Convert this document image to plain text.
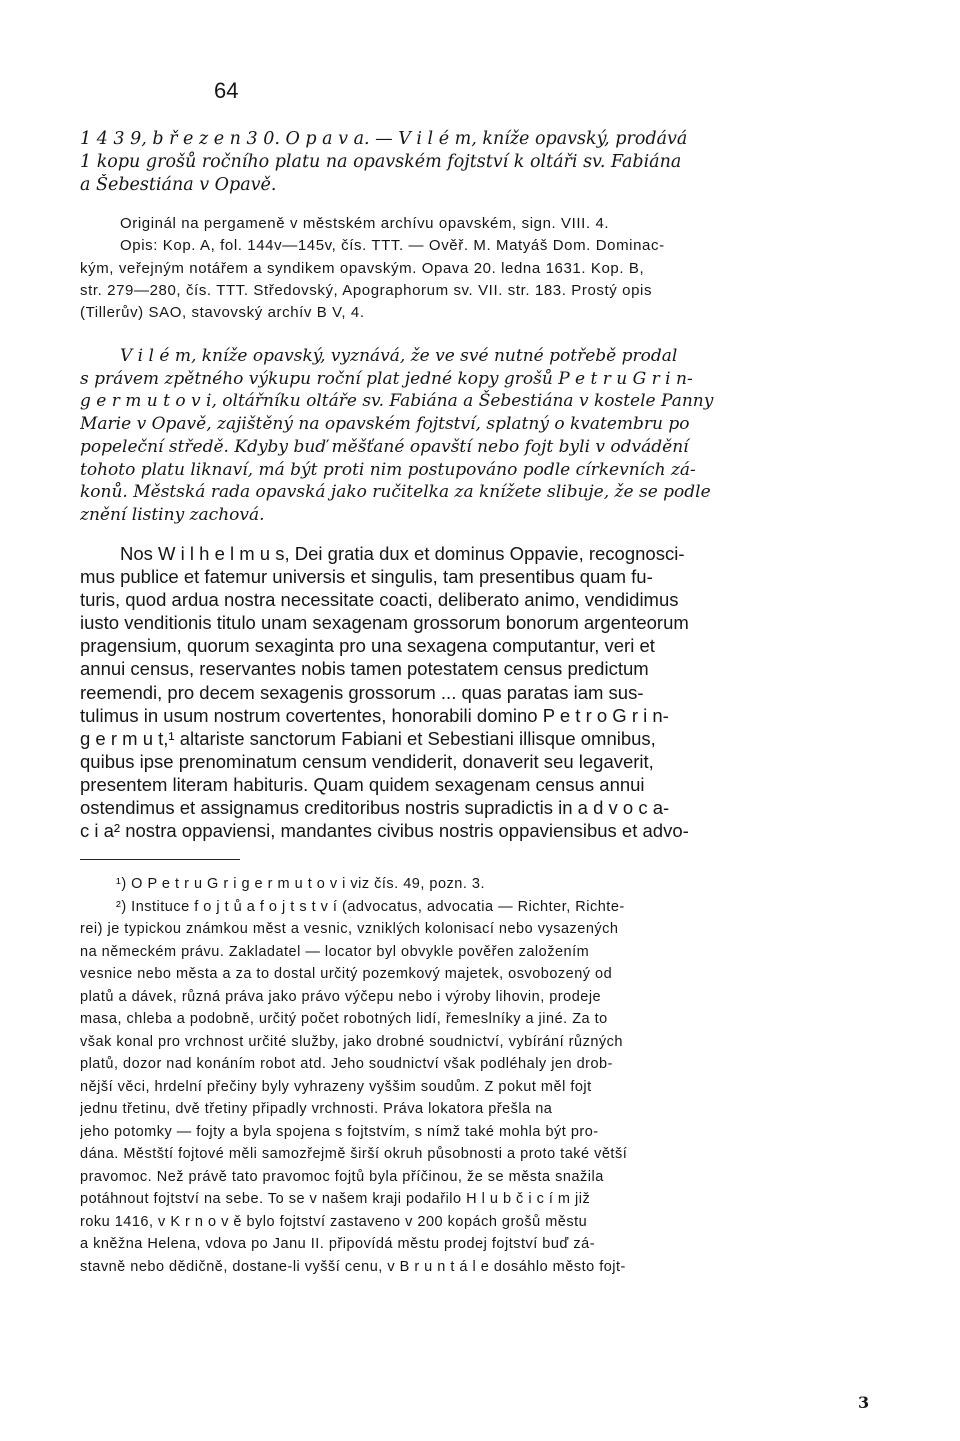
64
1 4 3 9, b ř e z e n 3 0. O p a v a. — V i l é m, kníže opavský, prodává
1 kopu grošů ročního platu na opavském fojtství k oltáři sv. Fabiána
a Šebestiána v Opavě.
Originál na pergameně v městském archívu opavském, sign. VIII. 4.
Opis: Kop. A, fol. 144v—145v, čís. TTT. — Ověř. M. Matyáš Dom. Dominac-
kým, veřejným notářem a syndikem opavským. Opava 20. ledna 1631. Kop. B,
str. 279—280, čís. TTT. Středovský, Apographorum sv. VII. str. 183. Prostý opis
(Tillerův) SAO, stavovský archív B V, 4.
V i l é m, kníže opavský, vyznává, že ve své nutné potřebě prodal
s právem zpětného výkupu roční plat jedné kopy grošů P e t r u G r i n-
g e r m u t o v i, oltářníku oltáře sv. Fabiána a Šebestiána v kostele Panny
Marie v Opavě, zajištěný na opavském fojtství, splatný o kvatembru po
popeleční středě. Kdyby buď měšťané opavští nebo fojt byli v odvádění
tohoto platu liknaví, má být proti nim postupováno podle církevních zá-
konů. Městská rada opavská jako ručitelka za knížete slibuje, že se podle
znění listiny zachová.
Nos W i l h e l m u s, Dei gratia dux et dominus Oppavie, recognosci-
mus publice et fatemur universis et singulis, tam presentibus quam fu-
turis, quod ardua nostra necessitate coacti, deliberato animo, vendidimus
iusto venditionis titulo unam sexagenam grossorum bonorum argenteorum
pragensium, quorum sexaginta pro una sexagena computantur, veri et
annui census, reservantes nobis tamen potestatem census predictum
reemendi, pro decem sexagenis grossorum ... quas paratas iam sus-
tulimus in usum nostrum covertentes, honorabili domino P e t r o G r i n-
g e r m u t,¹ altariste sanctorum Fabiani et Sebestiani illisque omnibus,
quibus ipse prenominatum censum vendiderit, donaverit seu legaverit,
presentem literam habituris. Quam quidem sexagenam census annui
ostendimus et assignamus creditoribus nostris supradictis in a d v o c a-
c i a² nostra oppaviensi, mandantes civibus nostris oppaviensibus et advo-
¹) O P e t r u G r i g e r m u t o v i viz čís. 49, pozn. 3.
²) Instituce f o j t ů a f o j t s t v í (advocatus, advocatia — Richter, Richte-
rei) je typickou známkou měst a vesnic, vzniklých kolonisací nebo vysazených
na německém právu. Zakladatel — locator byl obvykle pověřen založením
vesnice nebo města a za to dostal určitý pozemkový majetek, osvobozený od
platů a dávek, různá práva jako právo výčepu nebo i výroby lihovin, prodeje
masa, chleba a podobně, určitý počet robotných lidí, řemeslníky a jiné. Za to
však konal pro vrchnost určité služby, jako drobné soudnictví, vybírání různých
platů, dozor nad konáním robot atd. Jeho soudnictví však podléhaly jen drob-
nější věci, hrdelní přečiny byly vyhrazeny vyššim soudům. Z pokut měl fojt
jednu třetinu, dvě třetiny připadly vrchnosti. Práva lokatora přešla na
jeho potomky — fojty a byla spojena s fojtstvím, s nímž také mohla být pro-
dána. Městští fojtové měli samozřejmě širší okruh působnosti a proto také větší
pravomoc. Než právě tato pravomoc fojtů byla příčinou, že se města snažila
potáhnout fojtství na sebe. To se v našem kraji podařilo H l u b č i c í m již
roku 1416, v K r n o v ě bylo fojtství zastaveno v 200 kopách grošů městu
a kněžna Helena, vdova po Janu II. připovídá městu prodej fojtství buď zá-
stavně nebo dědičně, dostane-li vyšší cenu, v B r u n t á l e dosáhlo město fojt-
3
